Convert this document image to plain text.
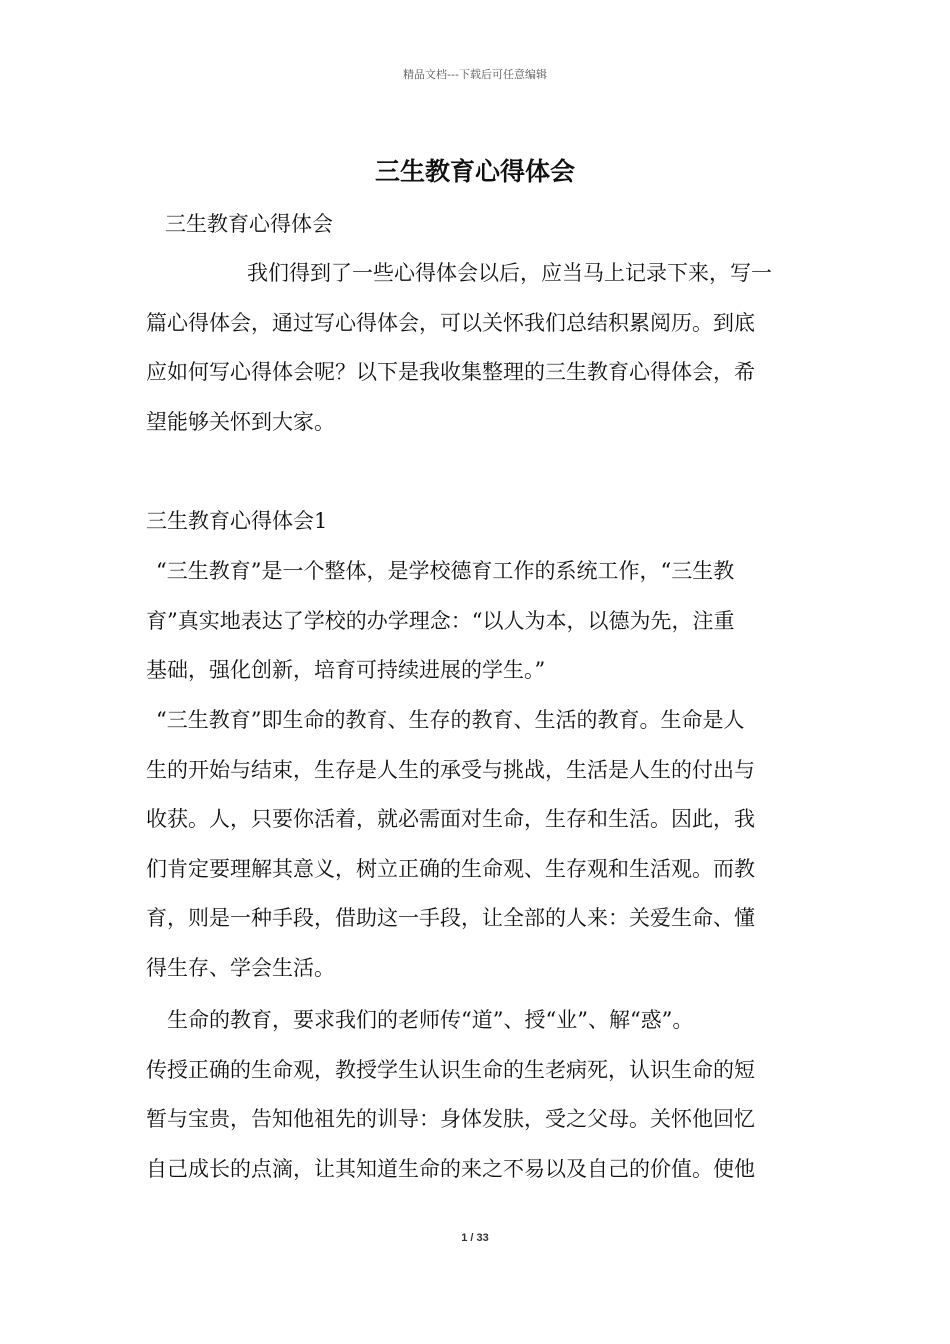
精品文档---下载后可任意编辑
三生教育心得体会
三生教育心得体会
我们得到了一些心得体会以后，应当马上记录下来，写一
篇心得体会，通过写心得体会，可以关怀我们总结积累阅历。到底
应如何写心得体会呢？以下是我收集整理的三生教育心得体会，希
望能够关怀到大家。
三生教育心得体会1
“三生教育”是一个整体，是学校德育工作的系统工作，“三生教
育”真实地表达了学校的办学理念：“以人为本，以德为先，注重
基础，强化创新，培育可持续进展的学生。”
“三生教育”即生命的教育、生存的教育、生活的教育。生命是人
生的开始与结束，生存是人生的承受与挑战，生活是人生的付出与
收获。人，只要你活着，就必需面对生命，生存和生活。因此，我
们肯定要理解其意义，树立正确的生命观、生存观和生活观。而教
育，则是一种手段，借助这一手段，让全部的人来：关爱生命、懂
得生存、学会生活。
生命的教育，要求我们的老师传“道”、授“业”、解“惑”。
传授正确的生命观，教授学生认识生命的生老病死，认识生命的短
暂与宝贵，告知他祖先的训导：身体发肤，受之父母。关怀他回忆
自己成长的点滴，让其知道生命的来之不易以及自己的价值。使他
1 / 33
